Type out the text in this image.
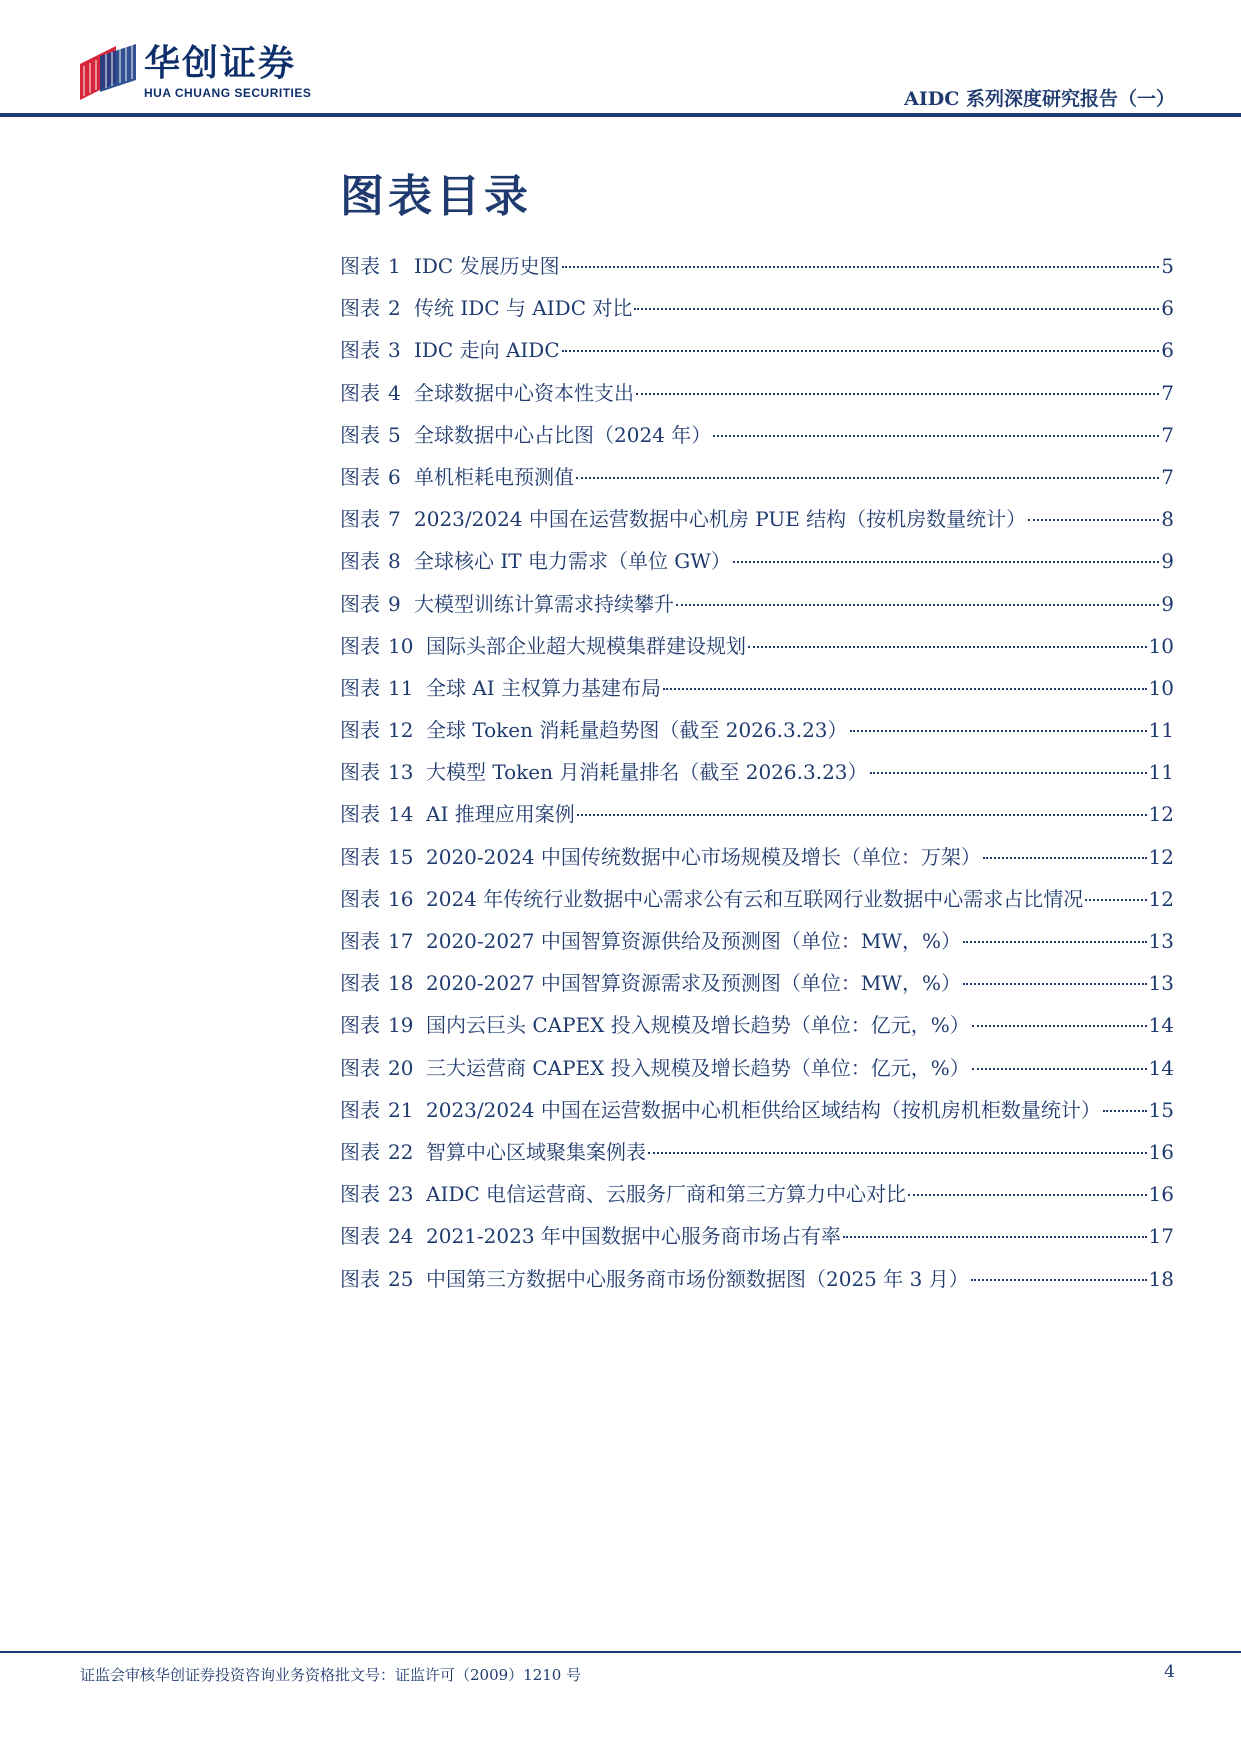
华创证券
HUA CHUANG SECURITIES	AIDC 系列深度研究报告（一）
图表目录
图表 1 IDC 发展历史图	5
图表 2 传统 IDC 与 AIDC 对比	6
图表 3 IDC 走向 AIDC	6
图表 4 全球数据中心资本性支出	7
图表 5 全球数据中心占比图（2024 年）	7
图表 6 单机柜耗电预测值	7
图表 7 2023/2024 中国在运营数据中心机房 PUE 结构（按机房数量统计）	8
图表 8 全球核心 IT 电力需求（单位 GW）	9
图表 9 大模型训练计算需求持续攀升	9
图表 10 国际头部企业超大规模集群建设规划	10
图表 11 全球 AI 主权算力基建布局	10
图表 12 全球 Token 消耗量趋势图（截至 2026.3.23）	11
图表 13 大模型 Token 月消耗量排名（截至 2026.3.23）	11
图表 14 AI 推理应用案例	12
图表 15 2020-2024 中国传统数据中心市场规模及增长（单位：万架）	12
图表 16 2024 年传统行业数据中心需求公有云和互联网行业数据中心需求占比情况	12
图表 17 2020-2027 中国智算资源供给及预测图（单位：MW，%）	13
图表 18 2020-2027 中国智算资源需求及预测图（单位：MW，%）	13
图表 19 国内云巨头 CAPEX 投入规模及增长趋势（单位：亿元，%）	14
图表 20 三大运营商 CAPEX 投入规模及增长趋势（单位：亿元，%）	14
图表 21 2023/2024 中国在运营数据中心机柜供给区域结构（按机房机柜数量统计） 15
图表 22 智算中心区域聚集案例表	16
图表 23 AIDC 电信运营商、云服务厂商和第三方算力中心对比	16
图表 24 2021-2023 年中国数据中心服务商市场占有率	17
图表 25 中国第三方数据中心服务商市场份额数据图（2025 年 3 月）	18
证监会审核华创证券投资咨询业务资格批文号：证监许可（2009）1210 号	4
